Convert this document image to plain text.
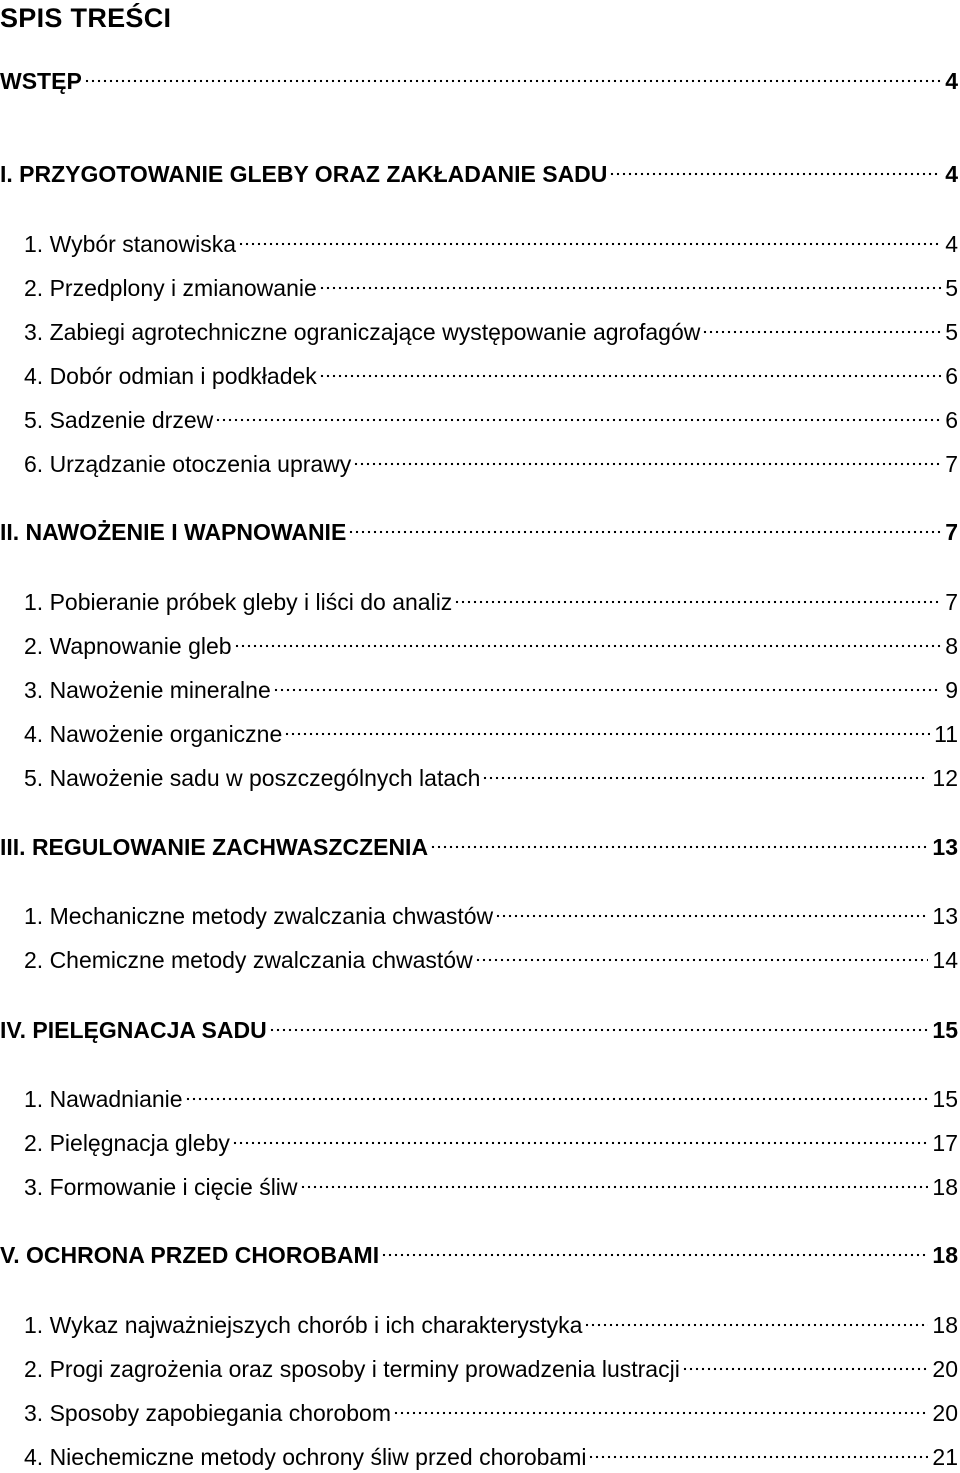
SPIS TREŚCI
WSTĘP	4
I. PRZYGOTOWANIE GLEBY ORAZ ZAKŁADANIE SADU	4
1. Wybór stanowiska	4
2. Przedplony i zmianowanie	5
3. Zabiegi agrotechniczne ograniczające występowanie agrofagów	5
4. Dobór odmian i podkładek	6
5. Sadzenie drzew	6
6. Urządzanie otoczenia uprawy	7
II. NAWOŻENIE I WAPNOWANIE	7
1. Pobieranie próbek gleby i liści do analiz	7
2. Wapnowanie gleb	8
3. Nawożenie mineralne	9
4. Nawożenie organiczne	11
5. Nawożenie sadu w poszczególnych latach	12
III. REGULOWANIE ZACHWASZCZENIA	13
1. Mechaniczne metody zwalczania chwastów	13
2. Chemiczne metody zwalczania chwastów	14
IV. PIELĘGNACJA SADU	15
1. Nawadnianie	15
2. Pielęgnacja gleby	17
3. Formowanie i cięcie śliw	18
V. OCHRONA PRZED CHOROBAMI	18
1. Wykaz najważniejszych chorób i ich charakterystyka	18
2. Progi zagrożenia oraz sposoby i terminy prowadzenia lustracji	20
3. Sposoby zapobiegania chorobom	20
4. Niechemiczne metody ochrony śliw przed chorobami	21
